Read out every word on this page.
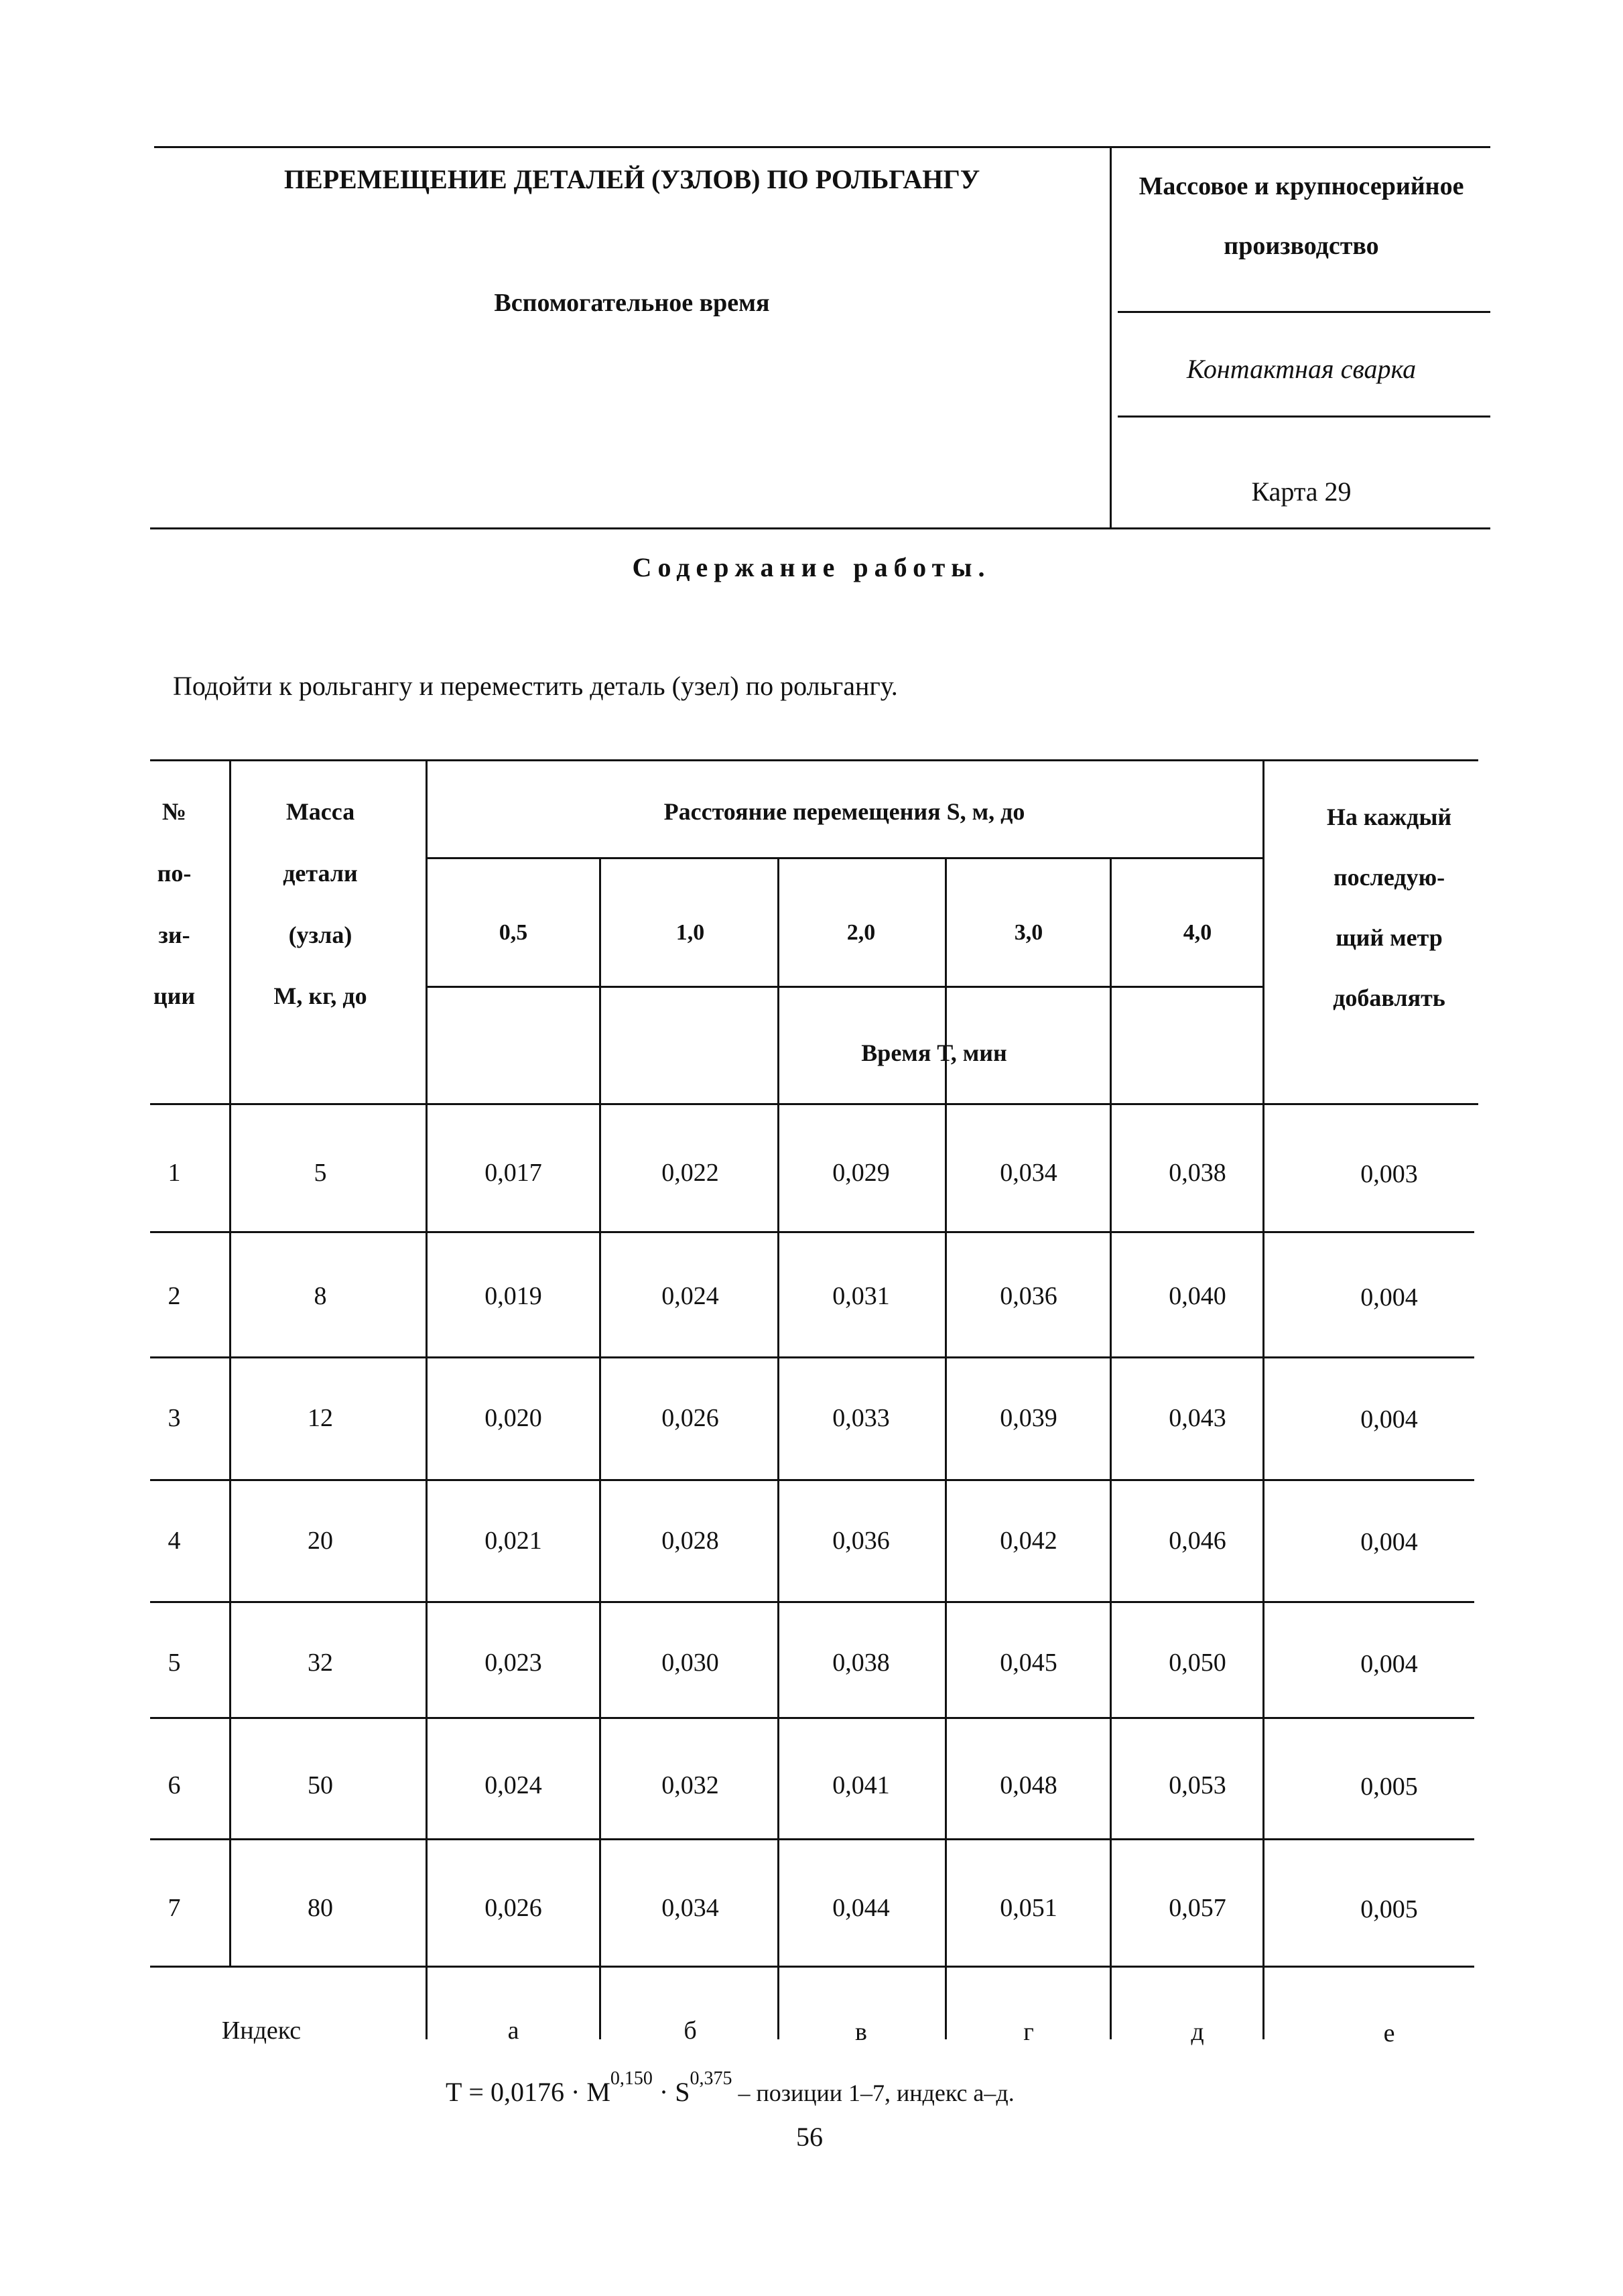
ПЕРЕМЕЩЕНИЕ ДЕТАЛЕЙ (УЗЛОВ) ПО РОЛЬГАНГУ
Вспомогательное время
Массовое и крупносерийное
производство
Контактная сварка
Карта 29
Содержание работы.
Подойти к рольгангу и переместить деталь (узел) по рольгангу.
№
по-
зи-
ции
Масса
детали
(узла)
М, кг, до
Расстояние перемещения S, м, до
0,5	1,0	2,0	3,0	4,0
Время Т, мин
На каждый
последую-
щий метр
добавлять
1	5	0,017	0,022	0,029	0,034	0,038	0,003
2	8	0,019	0,024	0,031	0,036	0,040	0,004
3	12	0,020	0,026	0,033	0,039	0,043	0,004
4	20	0,021	0,028	0,036	0,042	0,046	0,004
5	32	0,023	0,030	0,038	0,045	0,050	0,004
6	50	0,024	0,032	0,041	0,048	0,053	0,005
7	80	0,026	0,034	0,044	0,051	0,057	0,005
Индекс	а	б	в	г	д	е
Т = 0,0176 · М$^{0,150}$ · S$^{0,375}$ – позиции 1–7, индекс а–д.
56
